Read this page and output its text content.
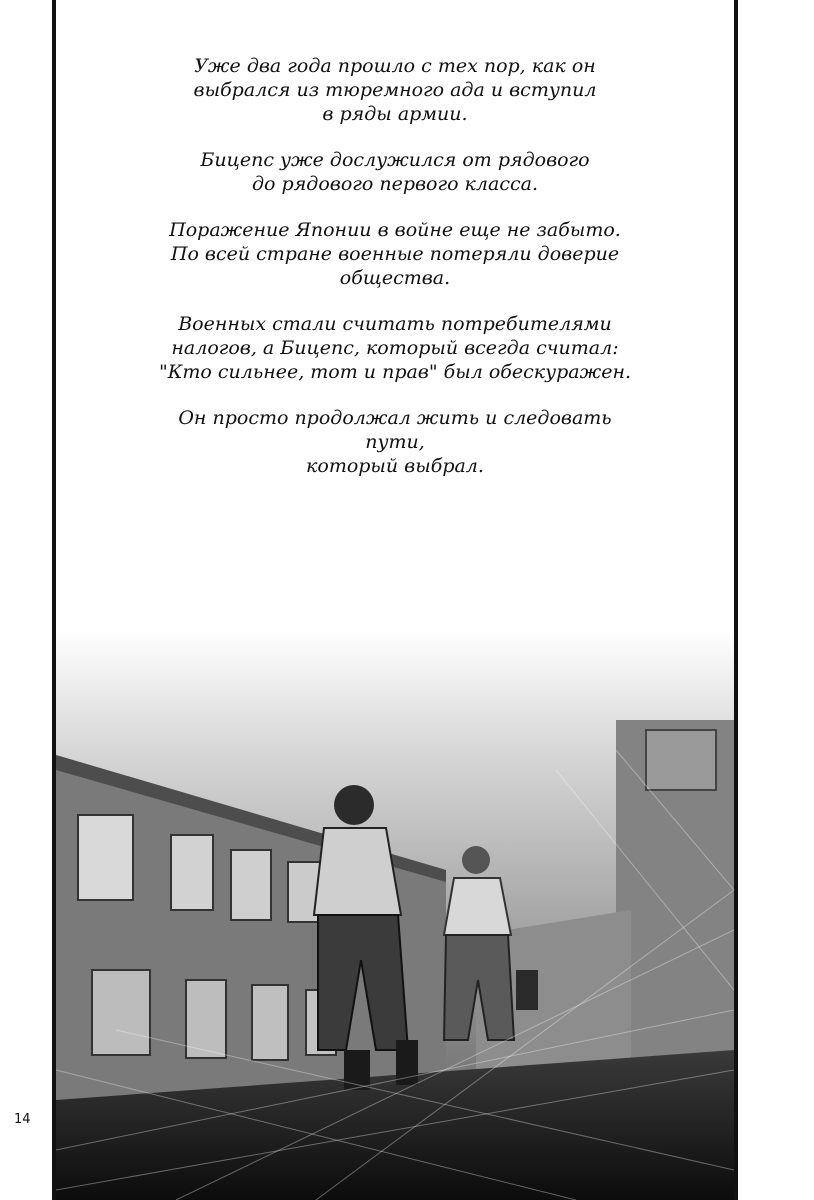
Уже два года прошло с тех пор, как он
выбрался из тюремного ада и вступил
в ряды армии.

Бицепс уже дослужился от рядового
до рядового первого класса.

Поражение Японии в войне еще не забыто.
По всей стране военные потеряли доверие
общества.

Военных стали считать потребителями
налогов, а Бицепс, который всегда считал:
"Кто сильнее, тот и прав" был обескуражен.

Он просто продолжал жить и следовать пути,
который выбрал.

14
